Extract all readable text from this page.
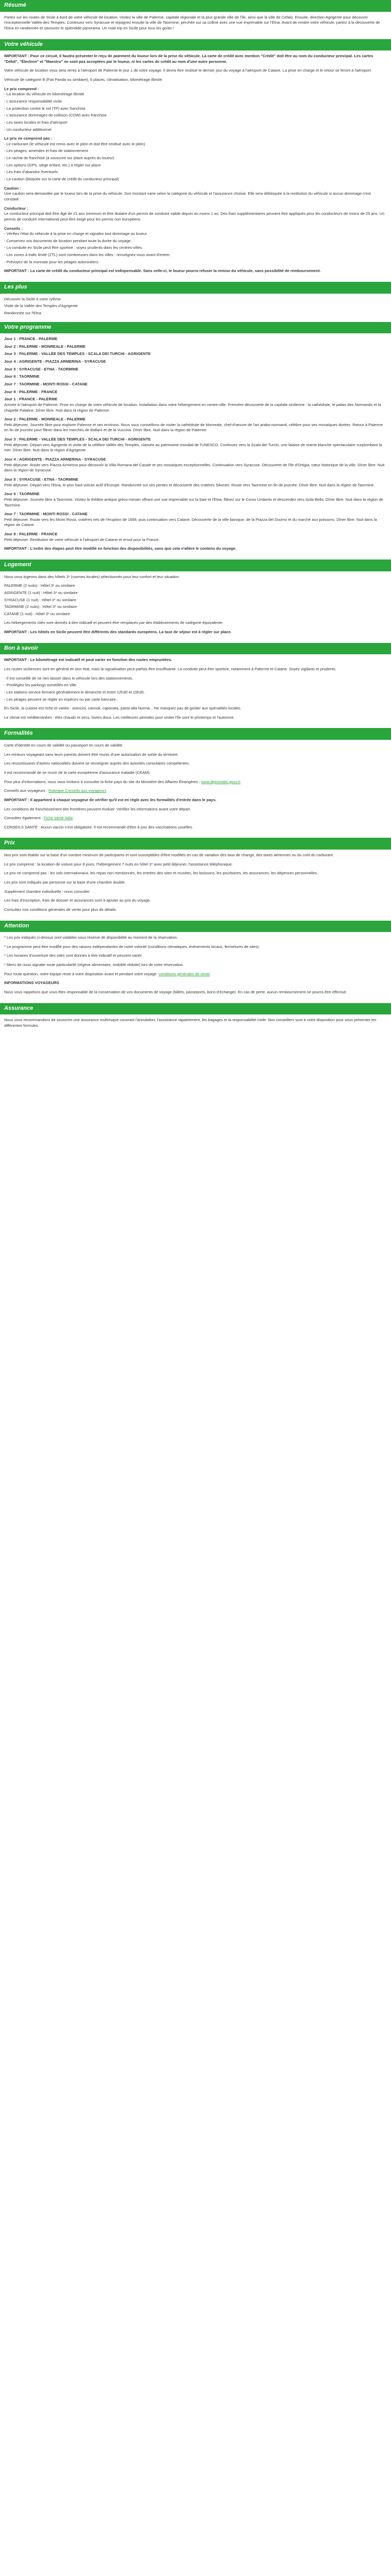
Résumé

Partez sur les routes de Sicile à bord de votre véhicule de location. Visitez la ville de Palerme, capitale régionale et la plus grande ville de l'île, ainsi que la ville de Cefalù. Ensuite, direction Agrigente pour découvrir l'exceptionnelle Vallée des Temples. Continuez vers Syracuse et rejoignez ensuite la ville de Taormine, perchée sur sa colline avec une vue imprenable sur l'Etna. Avant de rendre votre véhicule, partez à la découverte de l'Etna en randonnée et savourez le splendide panorama. Un road trip en Sicile pour tous les goûts !

Votre véhicule

IMPORTANT : Pour ce circuit, il faudra présenter le reçu de paiement du loueur lors de la prise du véhicule. La carte de crédit avec mention "Crédit" doit être au nom du conducteur principal. Les cartes "Débit", "Électron" et "Maestro" ne sont pas acceptées par le loueur, ni les cartes de crédit au nom d'une autre personne.

Votre véhicule de location vous sera remis à l'aéroport de Palerme le jour 1 de votre voyage. Il devra être restitué le dernier jour du voyage à l'aéroport de Catane. La prise en charge et le retour se feront à l'aéroport.

Véhicule de catégorie B (Fiat Panda ou similaire), 5 places, climatisation, kilométrage illimité.

Le prix comprend :
- La location du véhicule en kilométrage illimité
- L'assurance responsabilité civile
- La protection contre le vol (TP) avec franchise
- L'assurance dommages de collision (CDW) avec franchise
- Les taxes locales et frais d'aéroport
- Un conducteur additionnel
Le prix ne comprend pas :
- Le carburant (le véhicule est remis avec le plein et doit être restitué avec le plein)
- Les péages, amendes et frais de stationnement
- Le rachat de franchise (à souscrire sur place auprès du loueur)
- Les options (GPS, siège enfant, etc.) à régler sur place
- Les frais d'abandon éventuels
- La caution (bloquée sur la carte de crédit du conducteur principal)
Caution :

Une caution sera demandée par le loueur lors de la prise du véhicule. Son montant varie selon la catégorie du véhicule et l'assurance choisie. Elle sera débloquée à la restitution du véhicule si aucun dommage n'est constaté.

Conducteur :

Le conducteur principal doit être âgé de 21 ans minimum et être titulaire d'un permis de conduire valide depuis au moins 1 an. Des frais supplémentaires peuvent être appliqués pour les conducteurs de moins de 25 ans. Un permis de conduire international peut être exigé pour les permis non européens.

Conseils :
- Vérifiez l'état du véhicule à la prise en charge et signalez tout dommage au loueur.
- Conservez vos documents de location pendant toute la durée du voyage.
- La conduite en Sicile peut être sportive : soyez prudents dans les centres-villes.
- Les zones à trafic limité (ZTL) sont nombreuses dans les villes : renseignez-vous avant d'entrer.
- Prévoyez de la monnaie pour les péages autoroutiers.

IMPORTANT : La carte de crédit du conducteur principal est indispensable. Sans celle-ci, le loueur pourra refuser la remise du véhicule, sans possibilité de remboursement.

Les plus
Découvrir la Sicile à votre rythme
Visite de la Vallée des Temples d'Agrigente
Randonnée sur l'Etna
Votre programme
Jour 1 : FRANCE - PALERME
Jour 2 : PALERME - MONREALE - PALERME
Jour 3 : PALERME - VALLÉE DES TEMPLES - SCALA DEI TURCHI - AGRIGENTE
Jour 4 : AGRIGENTE - PIAZZA ARMERINA - SYRACUSE
Jour 5 : SYRACUSE - ETNA - TAORMINE
Jour 6 : TAORMINE
Jour 7 : TAORMINE - MONTI ROSSI - CATANE
Jour 8 : PALERME - FRANCE
Jour 1 : FRANCE - PALERME

Arrivée à l'aéroport de Palerme. Prise en charge de votre véhicule de location. Installation dans votre hébergement en centre-ville. Première découverte de la capitale sicilienne : la cathédrale, le palais des Normands et la chapelle Palatine. Dîner libre. Nuit dans la région de Palerme.

Jour 2 : PALERME - MONREALE - PALERME

Petit déjeuner. Journée libre pour explorer Palerme et ses environs. Nous vous conseillons de visiter la cathédrale de Monreale, chef-d'œuvre de l'art arabo-normand, célèbre pour ses mosaïques dorées. Retour à Palerme en fin de journée pour flâner dans les marchés de Ballarò et de la Vucciria. Dîner libre. Nuit dans la région de Palerme.

Jour 3 : PALERME - VALLÉE DES TEMPLES - SCALA DEI TURCHI - AGRIGENTE

Petit déjeuner. Départ vers Agrigente et visite de la célèbre Vallée des Temples, classée au patrimoine mondial de l'UNESCO. Continuez vers la Scala dei Turchi, une falaise de marne blanche spectaculaire surplombant la mer. Dîner libre. Nuit dans la région d'Agrigente.

Jour 4 : AGRIGENTE - PIAZZA ARMERINA - SYRACUSE

Petit déjeuner. Route vers Piazza Armerina pour découvrir la Villa Romana del Casale et ses mosaïques exceptionnelles. Continuation vers Syracuse. Découverte de l'île d'Ortigia, cœur historique de la ville. Dîner libre. Nuit dans la région de Syracuse.

Jour 5 : SYRACUSE - ETNA - TAORMINE

Petit déjeuner. Départ vers l'Etna, le plus haut volcan actif d'Europe. Randonnée sur ses pentes et découverte des cratères Silvestri. Route vers Taormine en fin de journée. Dîner libre. Nuit dans la région de Taormine.

Jour 6 : TAORMINE

Petit déjeuner. Journée libre à Taormine. Visitez le théâtre antique gréco-romain offrant une vue imprenable sur la baie et l'Etna, flânez sur le Corso Umberto et descendez vers Isola Bella. Dîner libre. Nuit dans la région de Taormine.

Jour 7 : TAORMINE - MONTI ROSSI - CATANE

Petit déjeuner. Route vers les Monti Rossi, cratères nés de l'éruption de 1669, puis continuation vers Catane. Découverte de la ville baroque, de la Piazza del Duomo et du marché aux poissons. Dîner libre. Nuit dans la région de Catane.

Jour 8 : PALERME - FRANCE

Petit déjeuner. Restitution de votre véhicule à l'aéroport de Catane et envol pour la France.

IMPORTANT : L'ordre des étapes peut être modifié en fonction des disponibilités, sans que cela n'altère le contenu du voyage.

Logement

Nous vous logeons dans des hôtels 3* (normes locales) sélectionnés pour leur confort et leur situation.

PALERME (2 nuits) : Hôtel 3* ou similaire
AGRIGENTE (1 nuit) : Hôtel 3* ou similaire
SYRACUSE (1 nuit) : Hôtel 3* ou similaire
TAORMINE (2 nuits) : Hôtel 3* ou similaire
CATANE (1 nuit) : Hôtel 3* ou similaire

Les hébergements cités sont donnés à titre indicatif et peuvent être remplacés par des établissements de catégorie équivalente.

IMPORTANT : Les hôtels en Sicile peuvent être différents des standards européens. La taxe de séjour est à régler sur place.

Bon à savoir

IMPORTANT : Le kilométrage est indicatif et peut varier en fonction des routes empruntées.

Les routes siciliennes sont en général en bon état, mais la signalisation peut parfois être insuffisante. La conduite peut être sportive, notamment à Palerme et Catane. Soyez vigilants et prudents.

- Il est conseillé de ne rien laisser dans le véhicule lors des stationnements.
- Privilégiez les parkings surveillés en ville.
- Les stations-service ferment généralement le dimanche et entre 12h30 et 15h30.
- Les péages peuvent se régler en espèces ou par carte bancaire.

En Sicile, la cuisine est riche et variée : arancini, cannoli, caponata, pasta alla Norma... Ne manquez pas de goûter aux spécialités locales.

Le climat est méditerranéen : étés chauds et secs, hivers doux. Les meilleures périodes pour visiter l'île sont le printemps et l'automne.

Formalités

Carte d'identité en cours de validité ou passeport en cours de validité.

Les mineurs voyageant sans leurs parents doivent être munis d'une autorisation de sortie du territoire.

Les ressortissants d'autres nationalités doivent se renseigner auprès des autorités consulaires compétentes.

Il est recommandé de se munir de la carte européenne d'assurance maladie (CEAM).

Pour plus d'informations, nous vous invitons à consulter la fiche pays du site du Ministère des Affaires Étrangères : www.diplomatie.gouv.fr

Conseils aux voyageurs : Rubrique Conseils aux voyageurs

IMPORTANT : Il appartient à chaque voyageur de vérifier qu'il est en règle avec les formalités d'entrée dans le pays.

Les conditions de franchissement des frontières peuvent évoluer. Vérifiez les informations avant votre départ.

Consultez également : Fiche santé Italie

CONSEILS SANTÉ : Aucun vaccin n'est obligatoire. Il est recommandé d'être à jour des vaccinations usuelles.

Prix

Nos prix sont établis sur la base d'un nombre minimum de participants et sont susceptibles d'être modifiés en cas de variation des taux de change, des taxes aériennes ou du coût du carburant.

Le prix comprend : la location de voiture pour 8 jours, l'hébergement 7 nuits en hôtel 3* avec petit déjeuner, l'assistance téléphonique.

Le prix ne comprend pas : les vols internationaux, les repas non mentionnés, les entrées des sites et musées, les boissons, les pourboires, les assurances, les dépenses personnelles.

Les prix sont indiqués par personne sur la base d'une chambre double.

Supplément chambre individuelle : nous consulter.

Les frais d'inscription, frais de dossier et assurances sont à ajouter au prix du voyage.

Consultez nos conditions générales de vente pour plus de détails.

Attention

* Les prix indiqués ci-dessus sont valables sous réserve de disponibilité au moment de la réservation.

* Le programme peut être modifié pour des raisons indépendantes de notre volonté (conditions climatiques, événements locaux, fermetures de sites).

* Les horaires d'ouverture des sites sont donnés à titre indicatif et peuvent varier.

* Merci de nous signaler toute particularité (régime alimentaire, mobilité réduite) lors de votre réservation.

Pour toute question, notre équipe reste à votre disposition avant et pendant votre voyage. conditions générales de vente

INFORMATIONS VOYAGEURS

Nous vous rappelons que vous êtes responsable de la conservation de vos documents de voyage (billets, passeports, bons d'échange). En cas de perte, aucun remboursement ne pourra être effectué.

Assurance

Nous vous recommandons de souscrire une assurance multirisque couvrant l'annulation, l'assistance rapatriement, les bagages et la responsabilité civile. Nos conseillers sont à votre disposition pour vous présenter les différentes formules.
